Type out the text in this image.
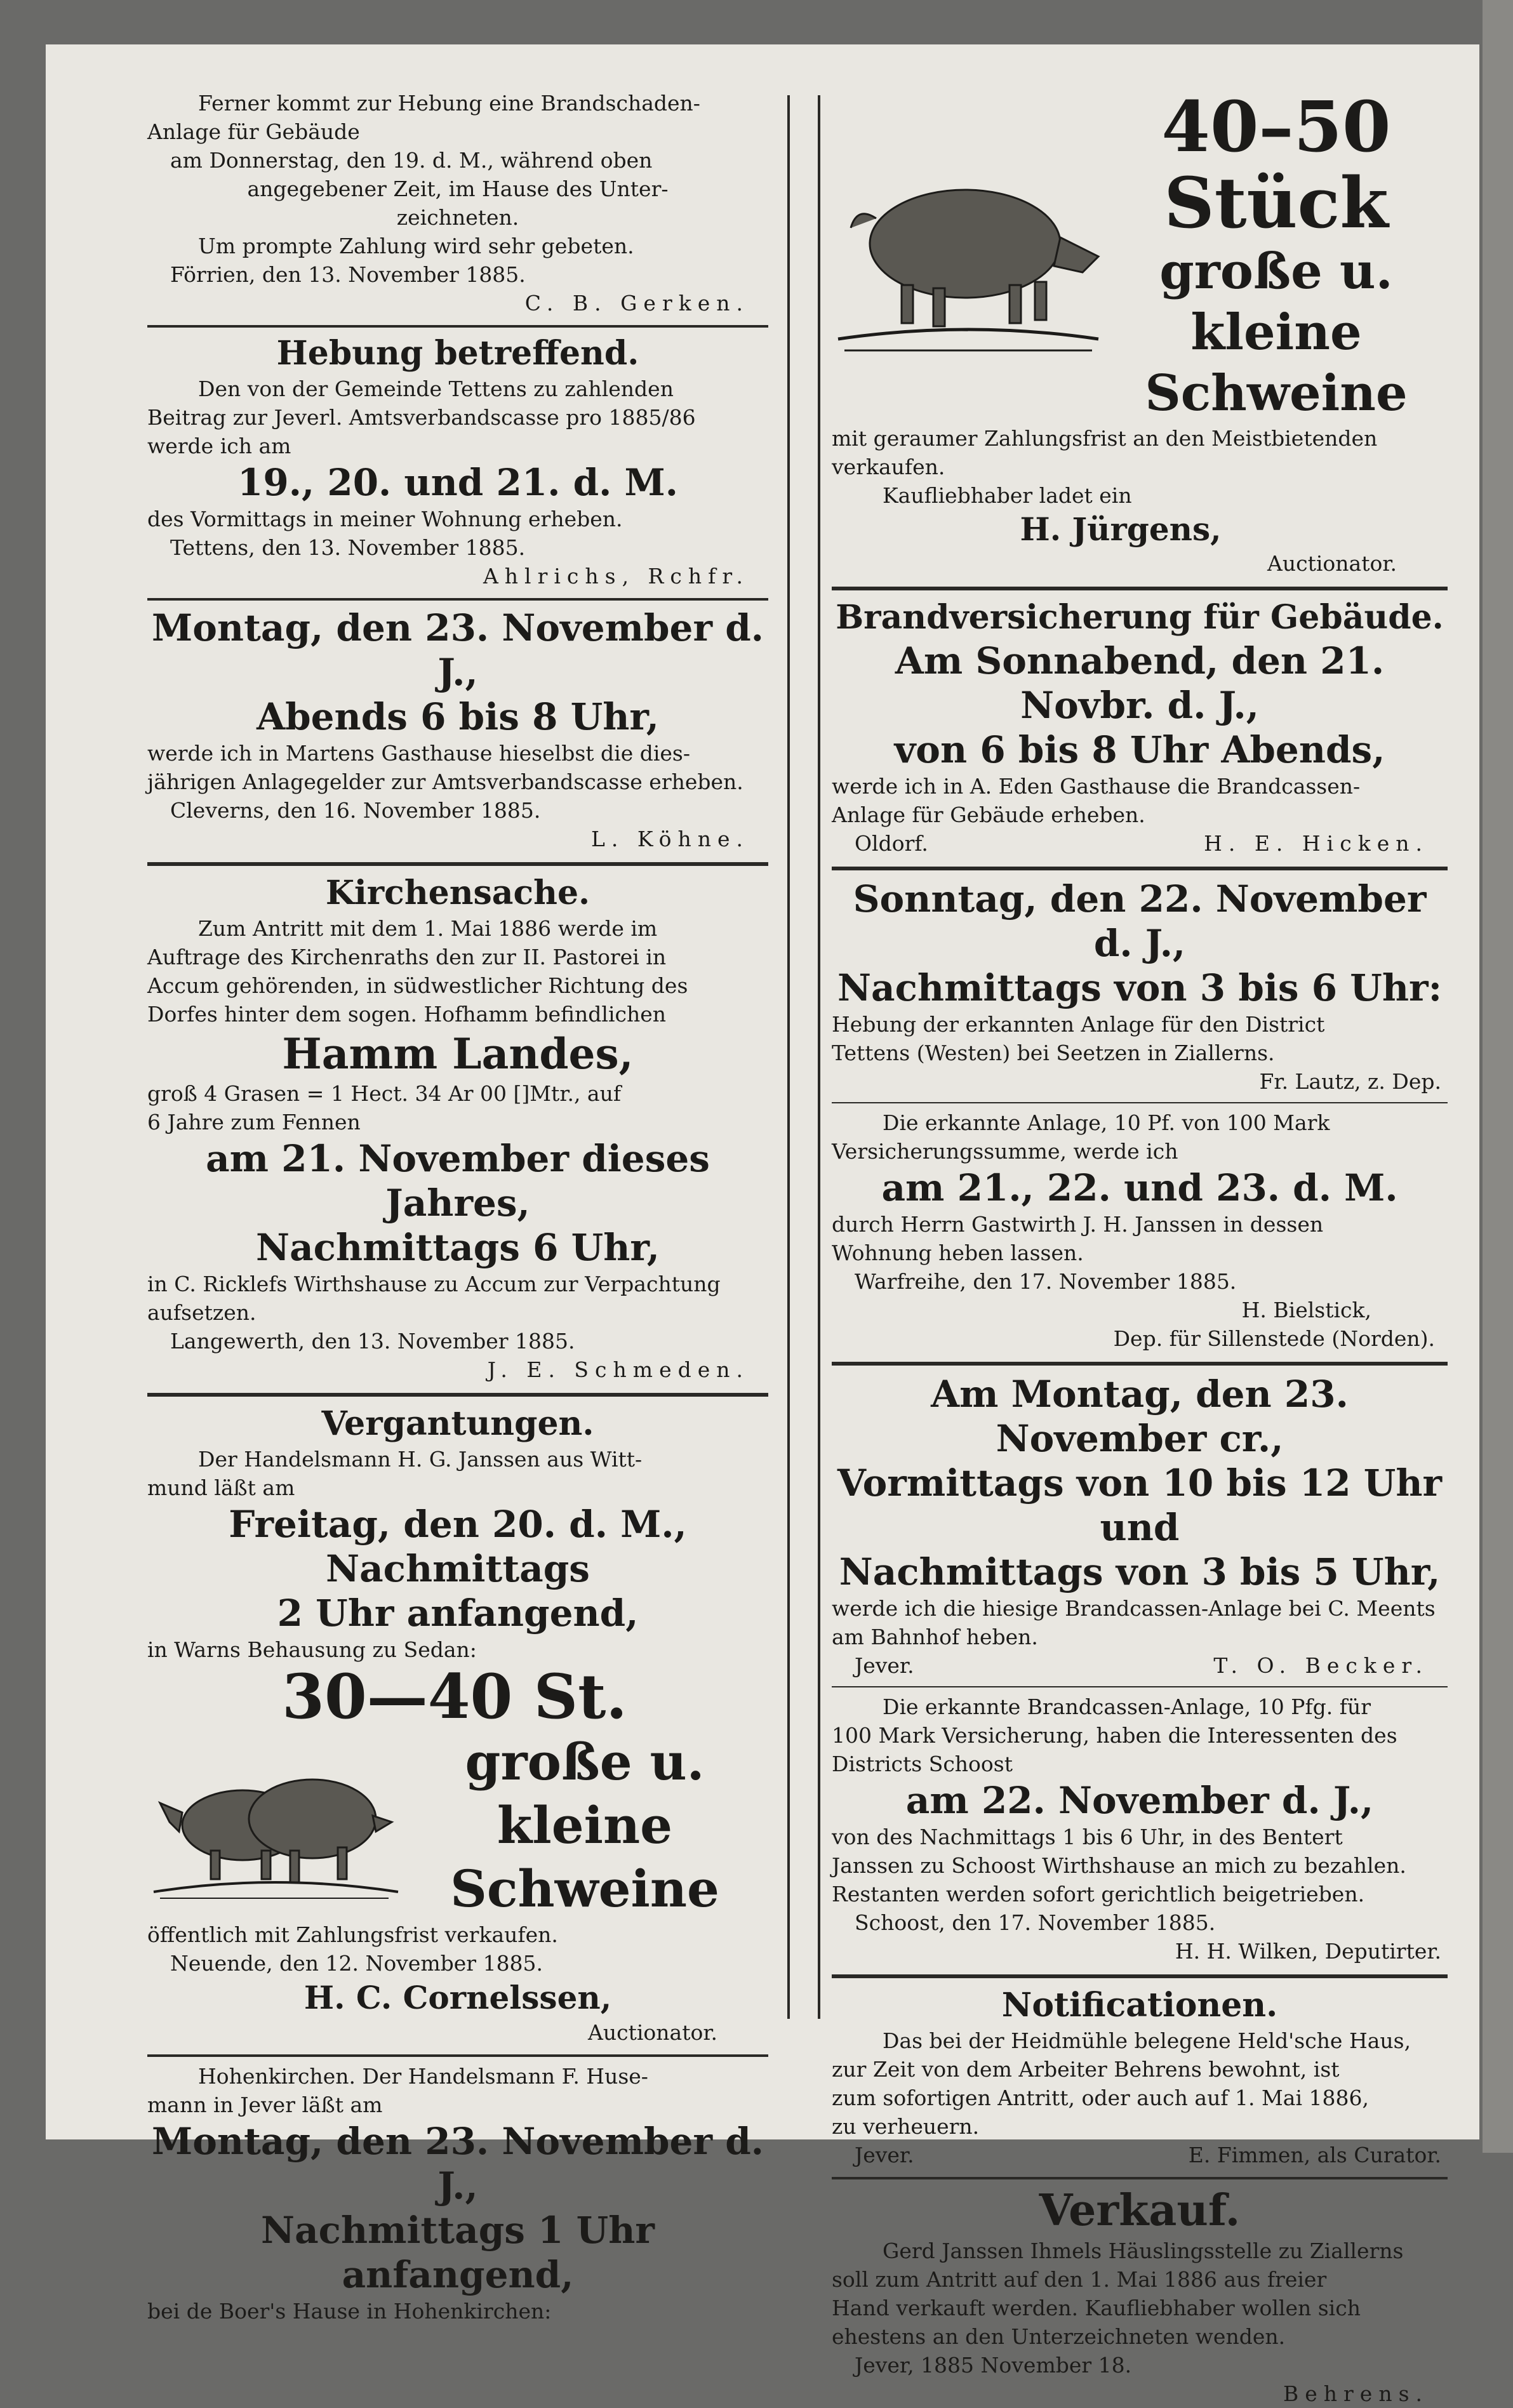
Ferner kommt zur Hebung eine Brandschaden-

Anlage für Gebäude

am Donnerstag, den 19. d. M., während oben

angegebener Zeit, im Hause des Unter-

zeichneten.

Um prompte Zahlung wird sehr gebeten.

Förrien, den 13. November 1885.

C. B. Gerken.

Hebung betreffend.

Den von der Gemeinde Tettens zu zahlenden

Beitrag zur Jeverl. Amtsverbandscasse pro 1885/86

werde ich am

19., 20. und 21. d. M.

des Vormittags in meiner Wohnung erheben.

Tettens, den 13. November 1885.

Ahlrichs, Rchfr.

Montag, den 23. November d. J.,

Abends 6 bis 8 Uhr,

werde ich in Martens Gasthause hieselbst die dies-

jährigen Anlagegelder zur Amtsverbandscasse erheben.

Cleverns, den 16. November 1885.

L. Köhne.

Kirchensache.

Zum Antritt mit dem 1. Mai 1886 werde im

Auftrage des Kirchenraths den zur II. Pastorei in

Accum gehörenden, in südwestlicher Richtung des

Dorfes hinter dem sogen. Hofhamm befindlichen

Hamm Landes,

groß 4 Grasen = 1 Hect. 34 Ar 00 []Mtr., auf

6 Jahre zum Fennen

am 21. November dieses Jahres,

Nachmittags 6 Uhr,

in C. Ricklefs Wirthshause zu Accum zur Verpachtung

aufsetzen.

Langewerth, den 13. November 1885.

J. E. Schmeden.

Vergantungen.

Der Handelsmann H. G. Janssen aus Witt-

mund läßt am

Freitag, den 20. d. M., Nachmittags

2 Uhr anfangend,

in Warns Behausung zu Sedan:

30—40 St.

große u. kleine

Schweine

öffentlich mit Zahlungsfrist verkaufen.

Neuende, den 12. November 1885.

H. C. Cornelssen,

Auctionator.

Hohenkirchen. Der Handelsmann F. Huse-

mann in Jever läßt am

Montag, den 23. November d. J.,

Nachmittags 1 Uhr anfangend,

bei de Boer's Hause in Hohenkirchen:

40–50 Stück

große u. kleine

Schweine

mit geraumer Zahlungsfrist an den Meistbietenden

verkaufen.

Kaufliebhaber ladet ein

H. Jürgens,

Auctionator.

Brandversicherung für Gebäude.

Am Sonnabend, den 21. Novbr. d. J.,

von 6 bis 8 Uhr Abends,

werde ich in A. Eden Gasthause die Brandcassen-

Anlage für Gebäude erheben.

Oldorf.	H. E. Hicken.

Sonntag, den 22. November d. J.,

Nachmittags von 3 bis 6 Uhr:

Hebung der erkannten Anlage für den District

Tettens (Westen) bei Seetzen in Ziallerns.

Fr. Lautz, z. Dep.

Die erkannte Anlage, 10 Pf. von 100 Mark

Versicherungssumme, werde ich

am 21., 22. und 23. d. M.

durch Herrn Gastwirth J. H. Janssen in dessen

Wohnung heben lassen.

Warfreihe, den 17. November 1885.

H. Bielstick,

Dep. für Sillenstede (Norden).

Am Montag, den 23. November cr.,

Vormittags von 10 bis 12 Uhr und

Nachmittags von 3 bis 5 Uhr,

werde ich die hiesige Brandcassen-Anlage bei C. Meents

am Bahnhof heben.

Jever.	T. O. Becker.

Die erkannte Brandcassen-Anlage, 10 Pfg. für

100 Mark Versicherung, haben die Interessenten des

Districts Schoost

am 22. November d. J.,

von des Nachmittags 1 bis 6 Uhr, in des Bentert

Janssen zu Schoost Wirthshause an mich zu bezahlen.

Restanten werden sofort gerichtlich beigetrieben.

Schoost, den 17. November 1885.

H. H. Wilken, Deputirter.

Notificationen.

Das bei der Heidmühle belegene Held'sche Haus,

zur Zeit von dem Arbeiter Behrens bewohnt, ist

zum sofortigen Antritt, oder auch auf 1. Mai 1886,

zu verheuern.

Jever.	E. Fimmen, als Curator.

Verkauf.

Gerd Janssen Ihmels Häuslingsstelle zu Ziallerns

soll zum Antritt auf den 1. Mai 1886 aus freier

Hand verkauft werden. Kaufliebhaber wollen sich

ehestens an den Unterzeichneten wenden.

Jever, 1885 November 18.

Behrens.
